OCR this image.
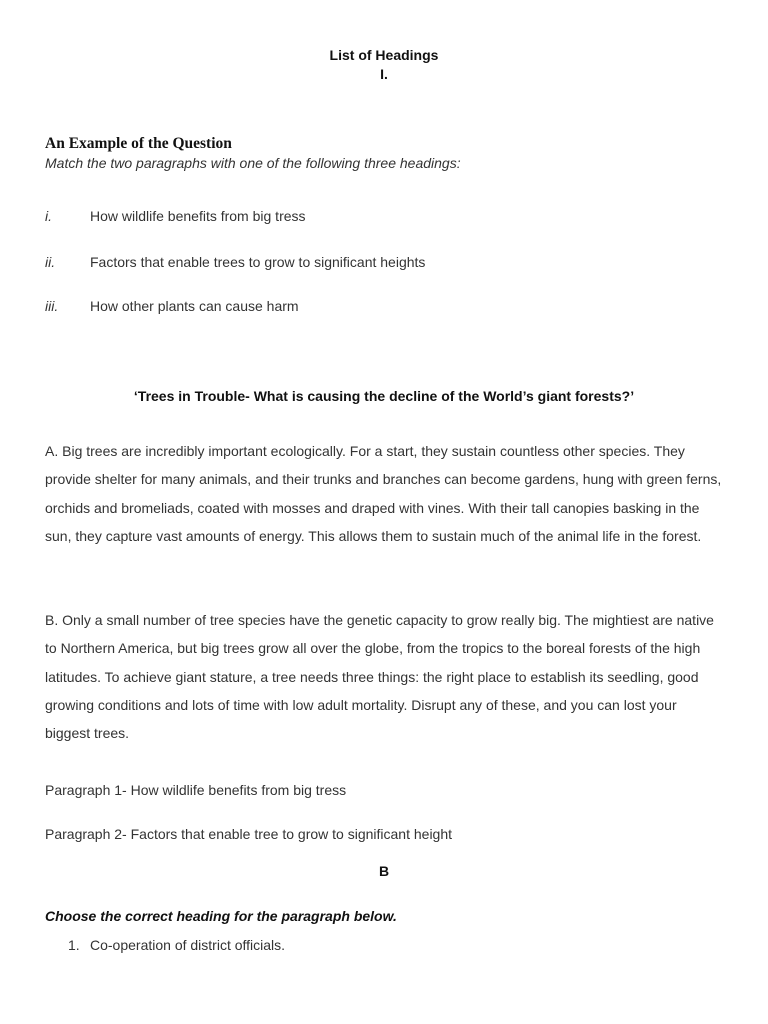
List of Headings
I.
An Example of the Question
Match the two paragraphs with one of the following three headings:
i.	How wildlife benefits from big tress
ii. Factors that enable trees to grow to significant heights
iii. How other plants can cause harm
‘Trees in Trouble- What is causing the decline of the World’s giant forests?’

A. Big trees are incredibly important ecologically. For a start, they sustain countless other species. They provide shelter for many animals, and their trunks and branches can become gardens, hung with green ferns, orchids and bromeliads, coated with mosses and draped with vines. With their tall canopies basking in the sun, they capture vast amounts of energy. This allows them to sustain much of the animal life in the forest.

B. Only a small number of tree species have the genetic capacity to grow really big. The mightiest are native to Northern America, but big trees grow all over the globe, from the tropics to the boreal forests of the high latitudes. To achieve giant stature, a tree needs three things: the right place to establish its seedling, good growing conditions and lots of time with low adult mortality. Disrupt any of these, and you can lost your biggest trees.

Paragraph 1- How wildlife benefits from big tress
Paragraph 2- Factors that enable tree to grow to significant height
B
Choose the correct heading for the paragraph below.
1. Co-operation of district officials.
